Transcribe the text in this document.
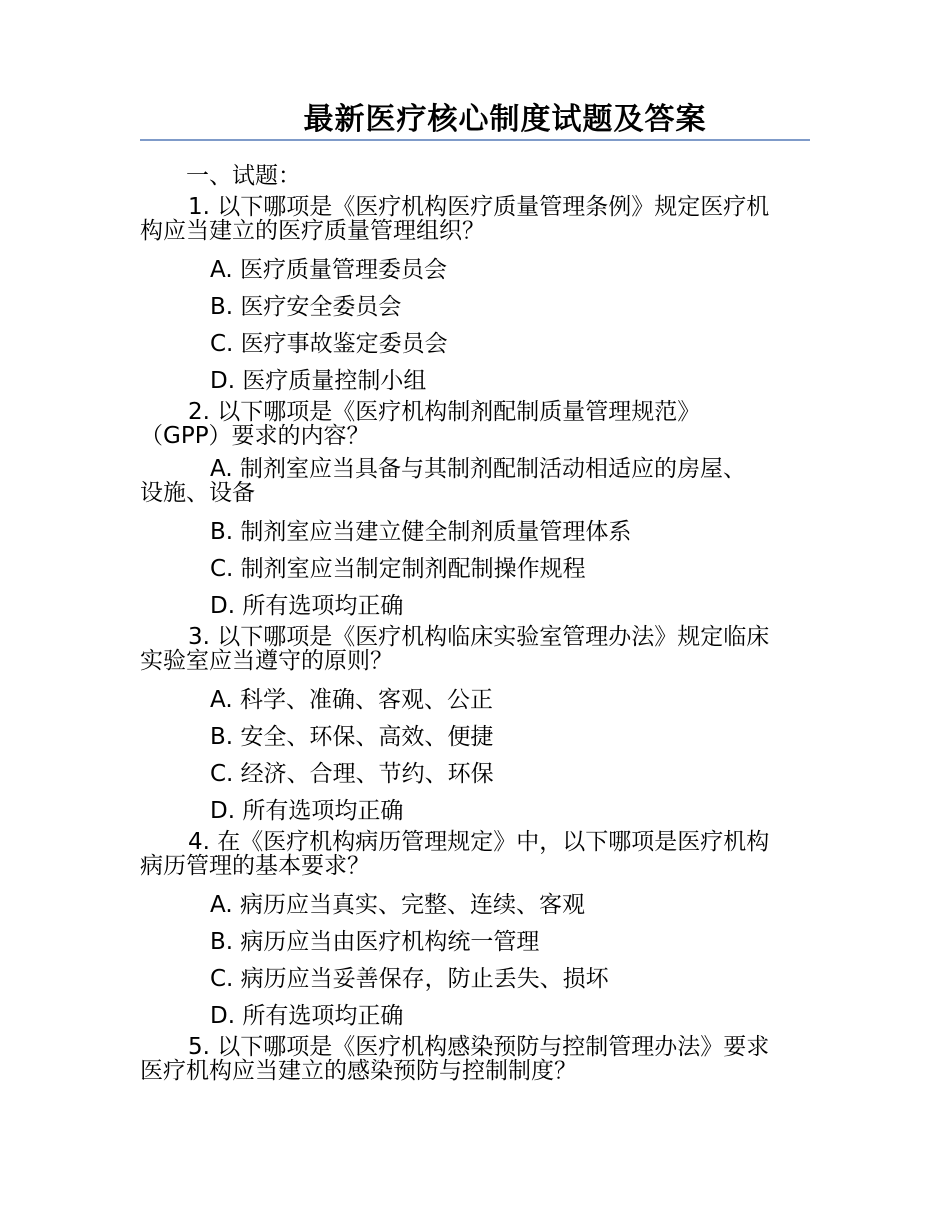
最新医疗核心制度试题及答案
一、试题：
1. 以下哪项是《医疗机构医疗质量管理条例》规定医疗机
构应当建立的医疗质量管理组织？
A. 医疗质量管理委员会
B. 医疗安全委员会
C. 医疗事故鉴定委员会
D. 医疗质量控制小组
2. 以下哪项是《医疗机构制剂配制质量管理规范》
（GPP）要求的内容？
A. 制剂室应当具备与其制剂配制活动相适应的房屋、
设施、设备
B. 制剂室应当建立健全制剂质量管理体系
C. 制剂室应当制定制剂配制操作规程
D. 所有选项均正确
3. 以下哪项是《医疗机构临床实验室管理办法》规定临床
实验室应当遵守的原则？
A. 科学、准确、客观、公正
B. 安全、环保、高效、便捷
C. 经济、合理、节约、环保
D. 所有选项均正确
4. 在《医疗机构病历管理规定》中，以下哪项是医疗机构
病历管理的基本要求？
A. 病历应当真实、完整、连续、客观
B. 病历应当由医疗机构统一管理
C. 病历应当妥善保存，防止丢失、损坏
D. 所有选项均正确
5. 以下哪项是《医疗机构感染预防与控制管理办法》要求
医疗机构应当建立的感染预防与控制制度？
